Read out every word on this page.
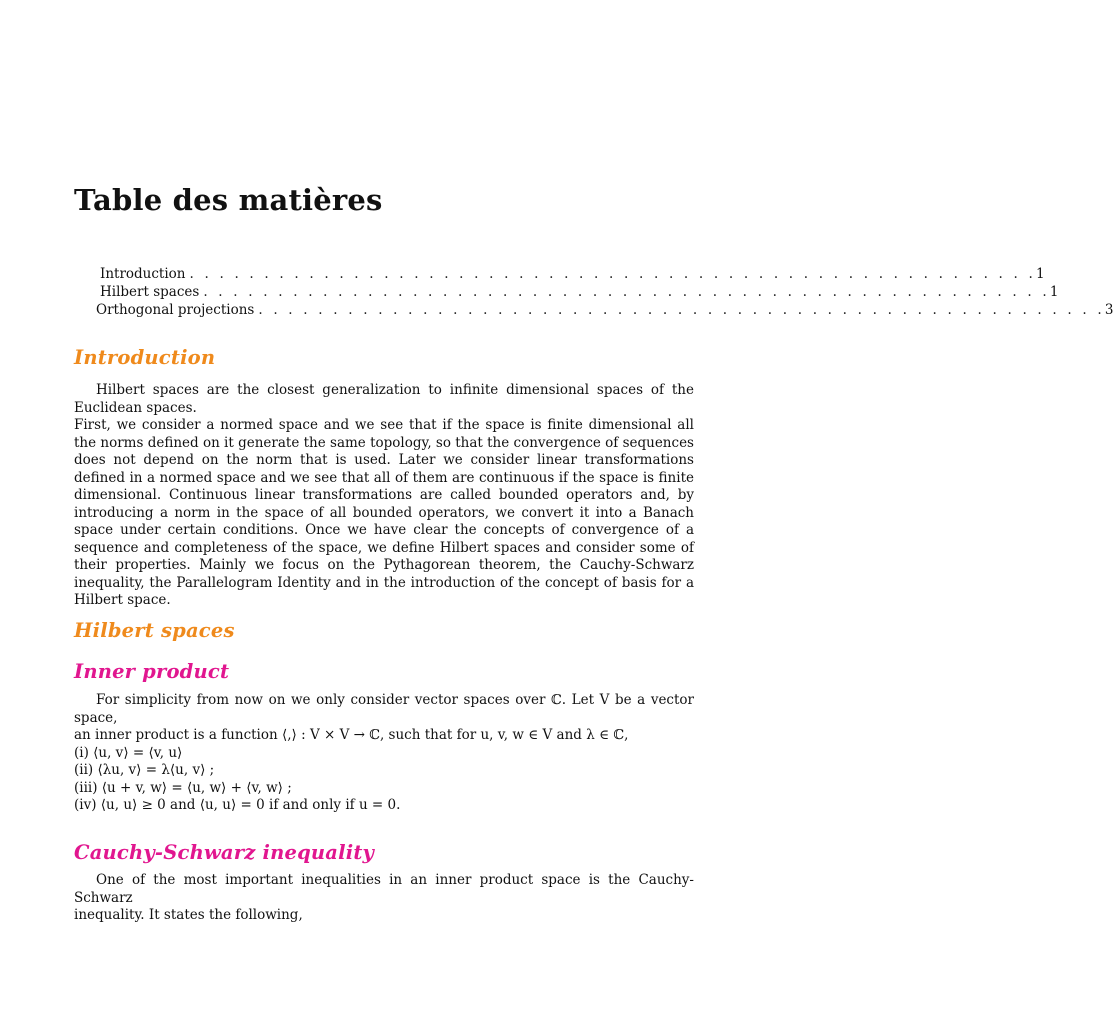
Table des matières
Introduction . . . . . . . . . . . . . . . . . . . . . . . . . . . . . . . . . . . . . . . . . . . . . . . . . . . . . . . . . 1
Hilbert spaces . . . . . . . . . . . . . . . . . . . . . . . . . . . . . . . . . . . . . . . . . . . . . . . . . . . . . . . . . 1
Orthogonal projections . . . . . . . . . . . . . . . . . . . . . . . . . . . . . . . . . . . . . . . . . . . . . . . . . . . . . . . . . 3
Introduction

Hilbert spaces are the closest generalization to infinite dimensional spaces of the Euclidean spaces.

First, we consider a normed space and we see that if the space is finite dimensional all the norms defined on it generate the same topology, so that the convergence of sequences does not depend on the norm that is used. Later we consider linear transformations defined in a normed space and we see that all of them are continuous if the space is finite dimensional. Continuous linear transformations are called bounded operators and, by introducing a norm in the space of all bounded operators, we convert it into a Banach space under certain conditions. Once we have clear the concepts of convergence of a sequence and completeness of the space, we define Hilbert spaces and consider some of their properties. Mainly we focus on the Pythagorean theorem, the Cauchy-Schwarz inequality, the Parallelogram Identity and in the introduction of the concept of basis for a Hilbert space.

Hilbert spaces
Inner product

For simplicity from now on we only consider vector spaces over ℂ. Let V be a vector space,
an inner product is a function ⟨,⟩ : V × V → ℂ, such that for u, v, w ∈ V and λ ∈ ℂ,
(i) ⟨u, v⟩ = ⟨v, u⟩
(ii) ⟨λu, v⟩ = λ⟨u, v⟩ ;
(iii) ⟨u + v, w⟩ = ⟨u, w⟩ + ⟨v, w⟩ ;
(iv) ⟨u, u⟩ ≥ 0 and ⟨u, u⟩ = 0 if and only if u = 0.

Cauchy-Schwarz inequality

One of the most important inequalities in an inner product space is the Cauchy-Schwarz
inequality. It states the following,
